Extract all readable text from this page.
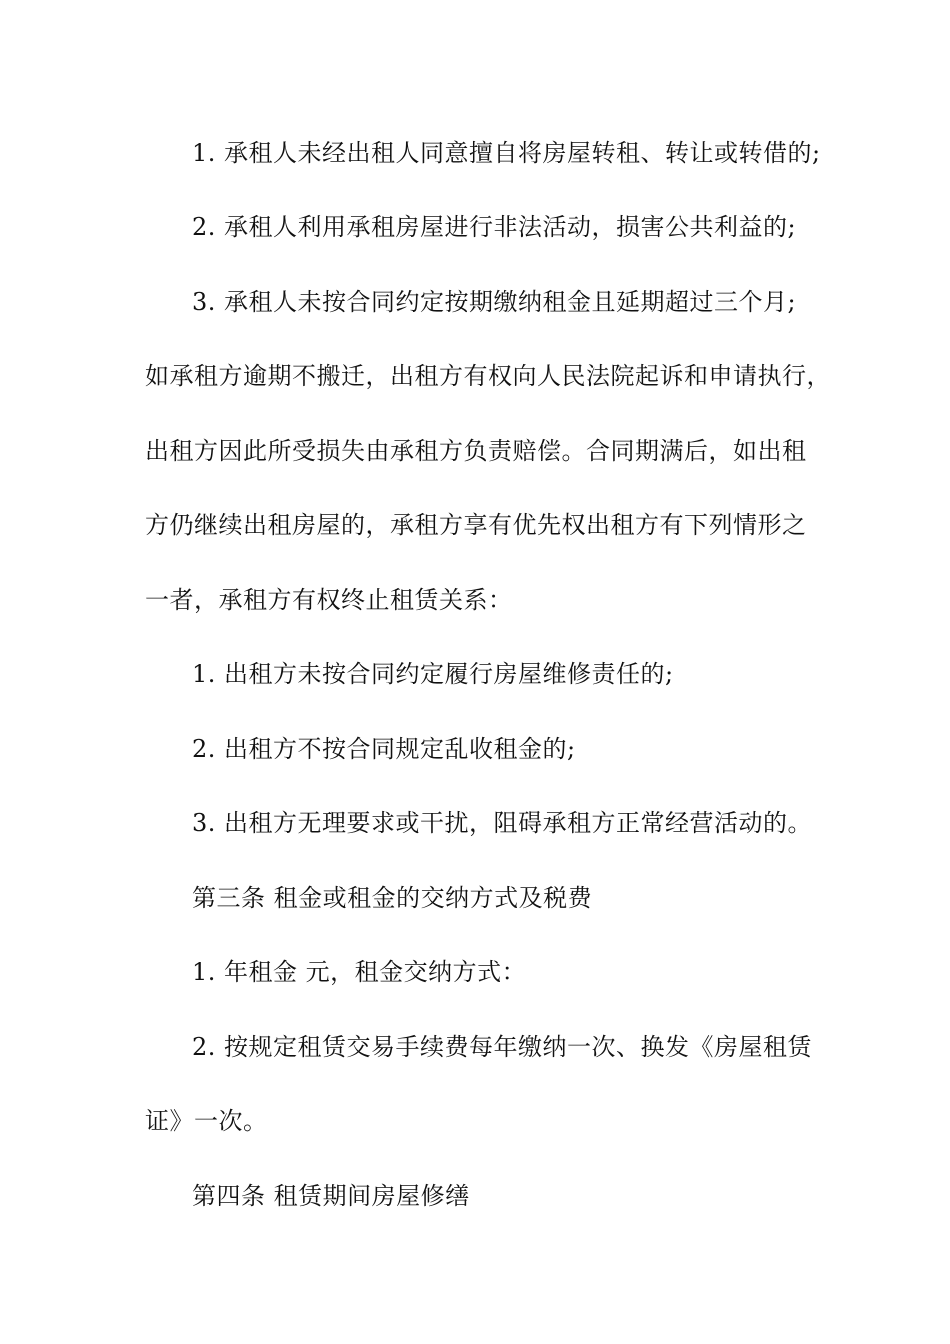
1. 承租人未经出租人同意擅自将房屋转租、转让或转借的;
2. 承租人利用承租房屋进行非法活动，损害公共利益的;
3. 承租人未按合同约定按期缴纳租金且延期超过三个月;
如承租方逾期不搬迁，出租方有权向人民法院起诉和申请执行，
出租方因此所受损失由承租方负责赔偿。合同期满后，如出租
方仍继续出租房屋的，承租方享有优先权出租方有下列情形之
一者，承租方有权终止租赁关系：
1. 出租方未按合同约定履行房屋维修责任的;
2. 出租方不按合同规定乱收租金的;
3. 出租方无理要求或干扰，阻碍承租方正常经营活动的。
第三条 租金或租金的交纳方式及税费
1. 年租金 元，租金交纳方式：
2. 按规定租赁交易手续费每年缴纳一次、换发《房屋租赁
证》一次。
第四条 租赁期间房屋修缮
